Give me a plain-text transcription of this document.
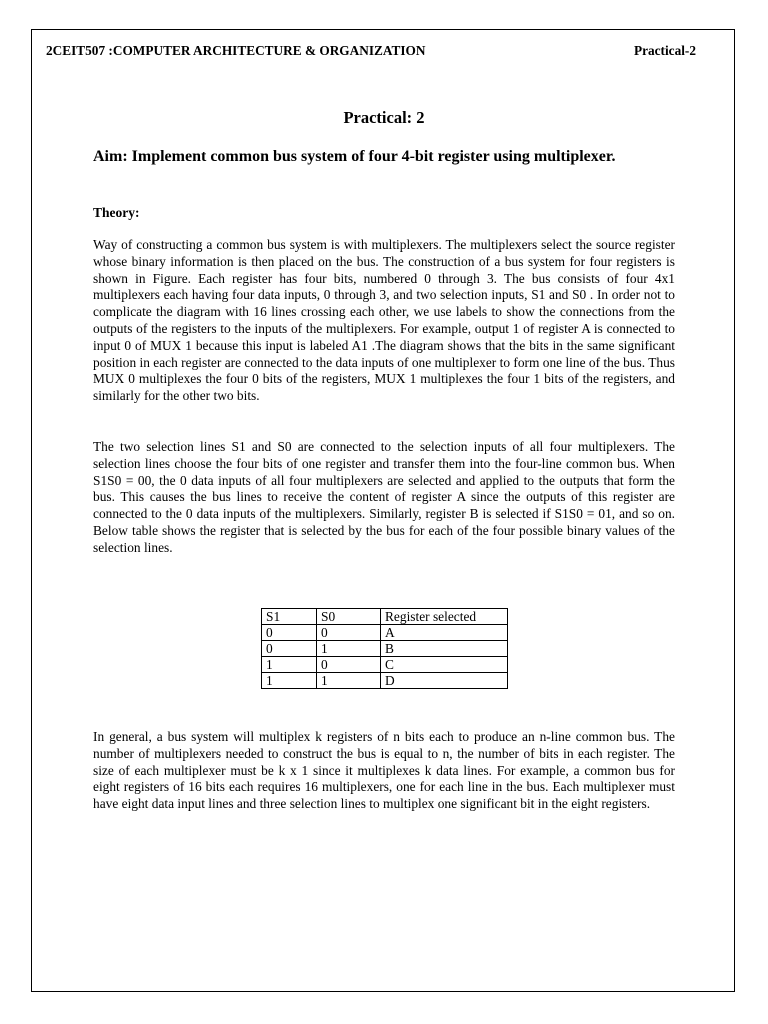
2CEIT507 :COMPUTER ARCHITECTURE & ORGANIZATION	Practical-2
Practical: 2
Aim: Implement common bus system of four 4-bit register using multiplexer.
Theory:

Way of constructing a common bus system is with multiplexers. The multiplexers select the source register whose binary information is then placed on the bus. The construction of a bus system for four registers is shown in Figure. Each register has four bits, numbered 0 through 3. The bus consists of four 4x1 multiplexers each having four data inputs, 0 through 3, and two selection inputs, S1 and S0 . In order not to complicate the diagram with 16 lines crossing each other, we use labels to show the connections from the outputs of the registers to the inputs of the multiplexers. For example, output 1 of register A is connected to input 0 of MUX 1 because this input is labeled A1 .The diagram shows that the bits in the same significant position in each register are connected to the data inputs of one multiplexer to form one line of the bus. Thus MUX 0 multiplexes the four 0 bits of the registers, MUX 1 multiplexes the four 1 bits of the registers, and similarly for the other two bits.

The two selection lines S1 and S0 are connected to the selection inputs of all four multiplexers. The selection lines choose the four bits of one register and transfer them into the four-line common bus. When S1S0 = 00, the 0 data inputs of all four multiplexers are selected and applied to the outputs that form the bus. This causes the bus lines to receive the content of register A since the outputs of this register are connected to the 0 data inputs of the multiplexers. Similarly, register B is selected if S1S0 = 01, and so on. Below table shows the register that is selected by the bus for each of the four possible binary values of the selection lines.

S1	S0	Register selected
0	0	A
0	1	B
1	0	C
1	1	D

In general, a bus system will multiplex k registers of n bits each to produce an n-line common bus. The number of multiplexers needed to construct the bus is equal to n, the number of bits in each register. The size of each multiplexer must be k x 1 since it multiplexes k data lines. For example, a common bus for eight registers of 16 bits each requires 16 multiplexers, one for each line in the bus. Each multiplexer must have eight data input lines and three selection lines to multiplex one significant bit in the eight registers.
